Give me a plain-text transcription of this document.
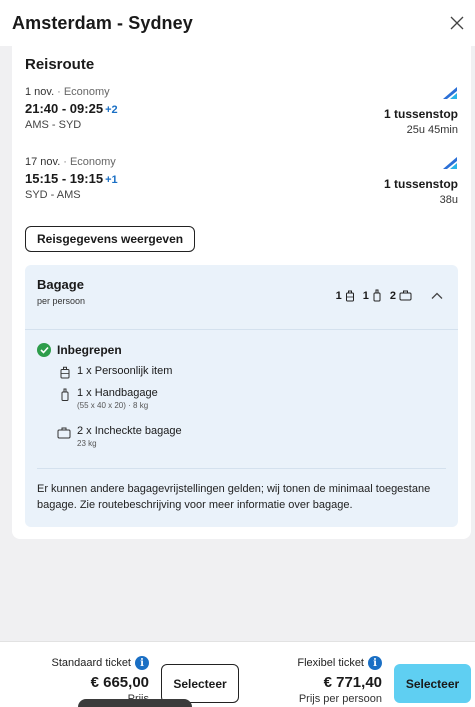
Amsterdam - Sydney
Reisroute
1 nov. · Economy
21:40 - 09:25 +2
AMS - SYD
1 tussenstop
25u 45min
17 nov. · Economy
15:15 - 19:15 +1
SYD - AMS
1 tussenstop
38u
Reisgegevens weergeven
Bagage
per persoon	1 1 2
Inbegrepen
1 x Persoonlijk item
1 x Handbagage
(55 x 40 x 20) · 8 kg
2 x Incheckte bagage
23 kg
Er kunnen andere bagagevrijstellingen gelden; wij tonen de minimaal toegestane bagage. Zie routebeschrijving voor meer informatie over bagage.
Standaard ticket i
€ 665,00	Selecteer
Flexibel ticket i
€ 771,40
Prijs per persoon
Selecteer
